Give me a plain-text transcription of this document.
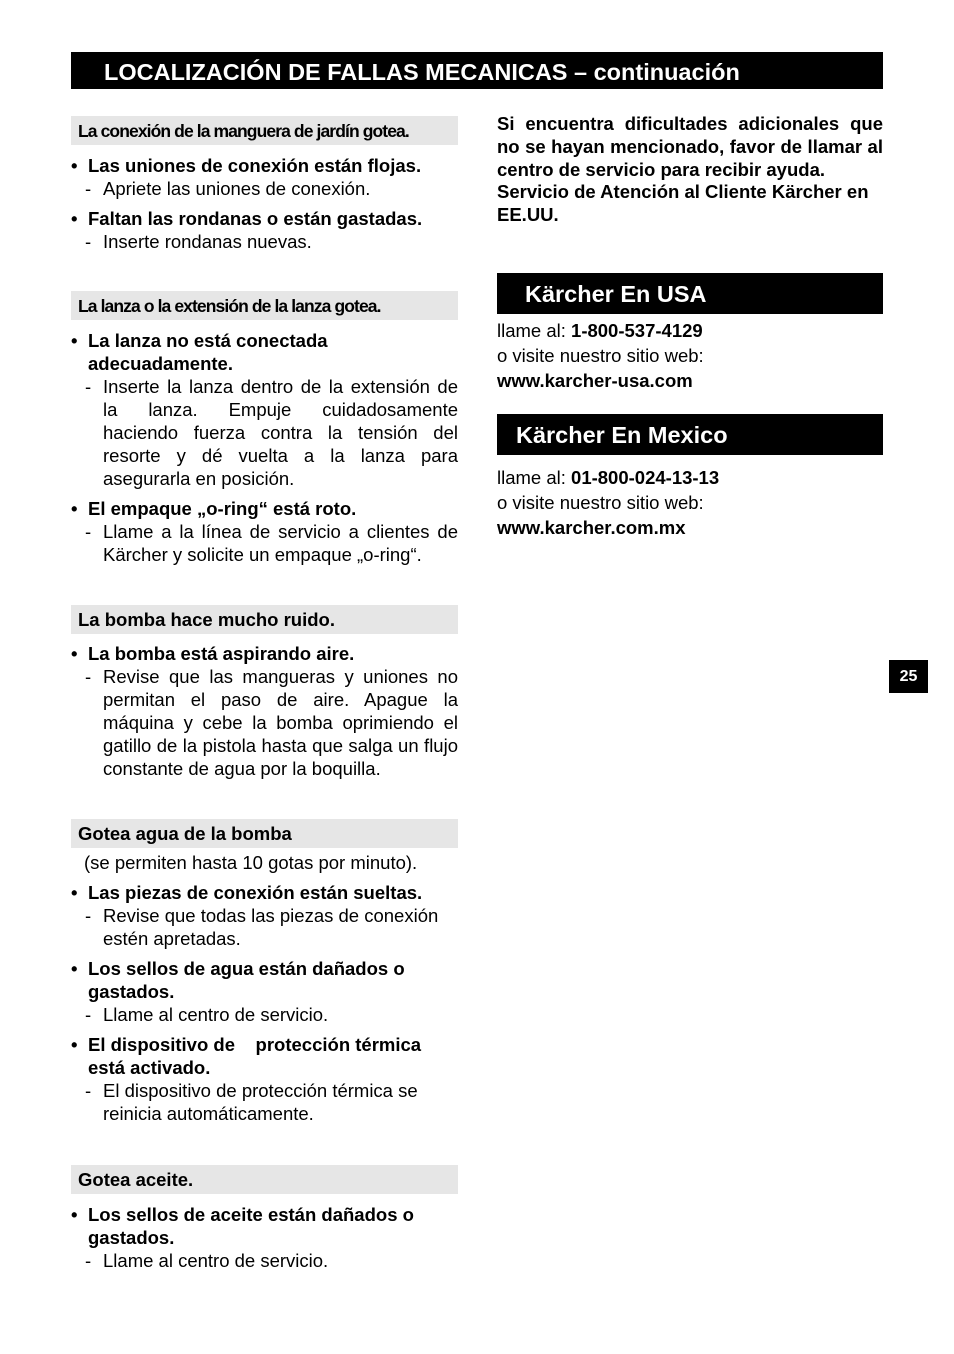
LOCALIZACIÓN DE FALLAS MECANICAS – continuación
La conexión de la manguera de jardín gotea.
• Las uniones de conexión están flojas.
- Apriete las uniones de conexión.
• Faltan las rondanas o están gastadas.
- Inserte rondanas nuevas.
La lanza o la extensión de la lanza gotea.
• La lanza no está conectada adecuadamente.
- Inserte la lanza dentro de la extensión de la lanza. Empuje cuidadosamente haciendo fuerza contra la tensión del resorte y dé vuelta a la lanza para asegurarla en posición.
• El empaque „o-ring“ está roto.
- Llame a la línea de servicio a clientes de Kärcher y solicite un empaque „o-ring“.
La bomba hace mucho ruido.
• La bomba está aspirando aire.
- Revise que las mangueras y uniones no permitan el paso de aire. Apague la máquina y cebe la bomba oprimiendo el gatillo de la pistola hasta que salga un flujo constante de agua por la boquilla.
Gotea agua de la bomba
(se permiten hasta 10 gotas por minuto).
• Las piezas de conexión están sueltas.
- Revise que todas las piezas de conexión estén apretadas.
• Los sellos de agua están dañados o gastados.
- Llame al centro de servicio.
• El dispositivo de    protección térmica está activado.
- El dispositivo de protección térmica se reinicia automáticamente.
Gotea aceite.
• Los sellos de aceite están dañados o gastados.
- Llame al centro de servicio.
Si encuentra dificultades adicionales que no se hayan mencionado, favor de llamar al centro de servicio para recibir ayuda.
Servicio de Atención al Cliente Kärcher en EE.UU.
Kärcher En USA
llame al: 1-800-537-4129
o visite nuestro sitio web:
www.karcher-usa.com
Kärcher En Mexico
llame al: 01-800-024-13-13
o visite nuestro sitio web:
www.karcher.com.mx
25
